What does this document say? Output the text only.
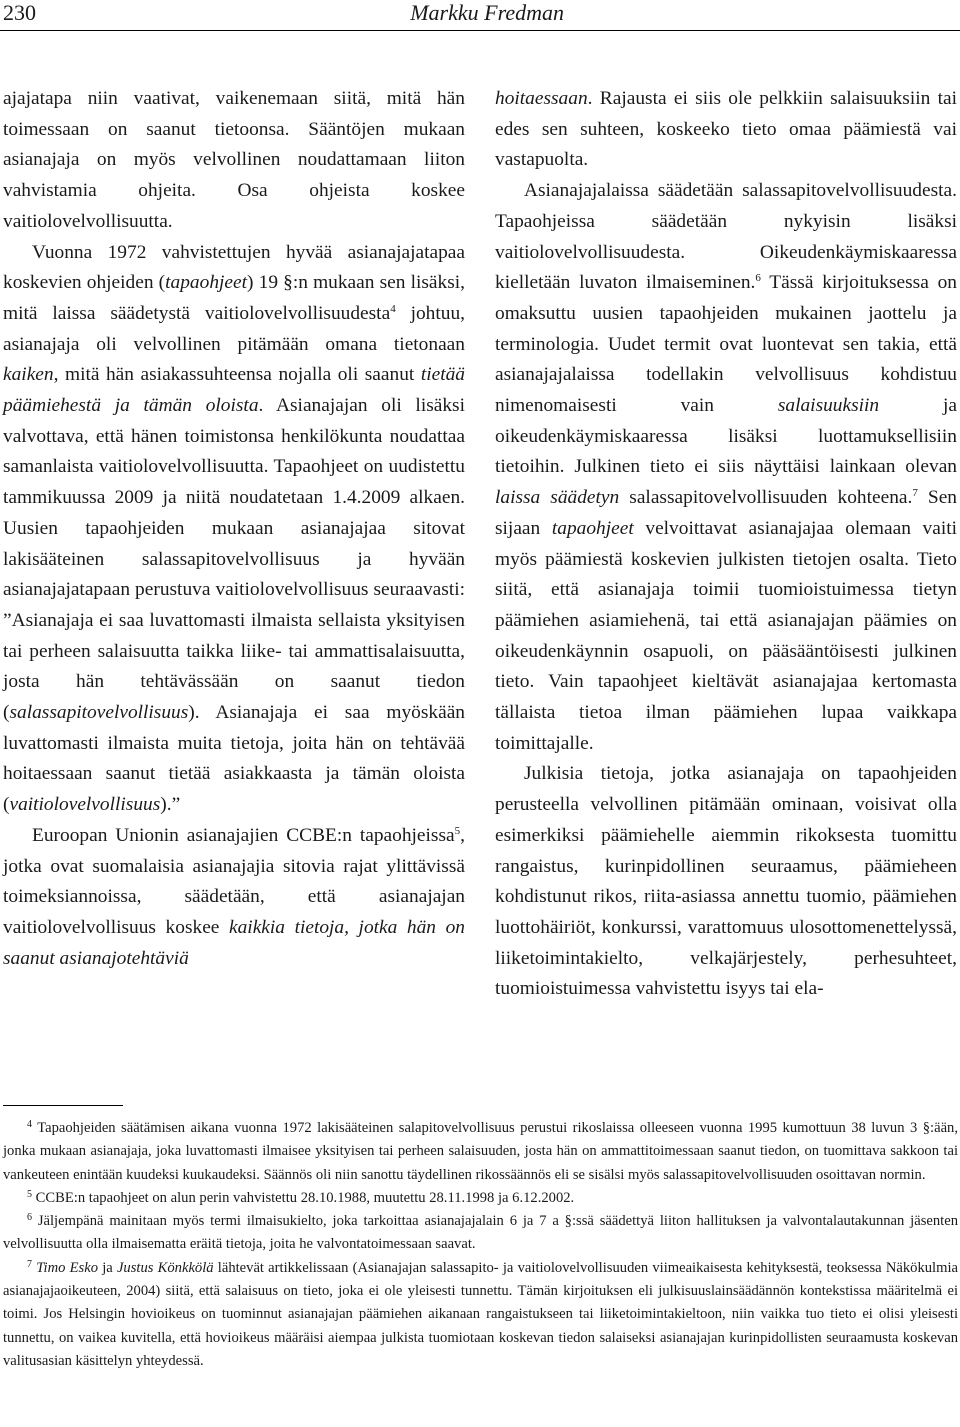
230	Markku Fredman

ajajatapa niin vaativat, vaikenemaan siitä, mitä hän toimessaan on saanut tietoonsa. Sääntöjen mukaan asianajaja on myös velvollinen noudattamaan liiton vahvistamia ohjeita. Osa ohjeista koskee vaitiolovelvollisuutta.

Vuonna 1972 vahvistettujen hyvää asianajajatapaa koskevien ohjeiden (tapaohjeet) 19 §:n mukaan sen lisäksi, mitä laissa säädetystä vaitiolovelvollisuudesta$^4$ johtuu, asianajaja oli velvollinen pitämään omana tietonaan kaiken, mitä hän asiakassuhteensa nojalla oli saanut tietää päämiehestä ja tämän oloista. Asianajajan oli lisäksi valvottava, että hänen toimistonsa henkilökunta noudattaa samanlaista vaitiolovelvollisuutta. Tapaohjeet on uudistettu tammikuussa 2009 ja niitä noudatetaan 1.4.2009 alkaen. Uusien tapaohjeiden mukaan asianajajaa sitovat lakisääteinen salassapitovelvollisuus ja hyvään asianajajatapaan perustuva vaitiolovelvollisuus seuraavasti: ”Asianajaja ei saa luvattomasti ilmaista sellaista yksityisen tai perheen salaisuutta taikka liike- tai ammattisalaisuutta, josta hän tehtävässään on saanut tiedon (salassapitovelvollisuus). Asianajaja ei saa myöskään luvattomasti ilmaista muita tietoja, joita hän on tehtävää hoitaessaan saanut tietää asiakkaasta ja tämän oloista (vaitiolovelvollisuus).”

Euroopan Unionin asianajajien CCBE:n tapaohjeissa$^5$, jotka ovat suomalaisia asianajajia sitovia rajat ylittävissä toimeksiannoissa, säädetään, että asianajajan vaitiolovelvollisuus koskee kaikkia tietoja, jotka hän on saanut asianajotehtäviä

hoitaessaan. Rajausta ei siis ole pelkkiin salaisuuksiin tai edes sen suhteen, koskeeko tieto omaa päämiestä vai vastapuolta.

Asianajajalaissa säädetään salassapitovelvollisuudesta. Tapaohjeissa säädetään nykyisin lisäksi vaitiolovelvollisuudesta. Oikeudenkäymiskaaressa kielletään luvaton ilmaiseminen.$^6$ Tässä kirjoituksessa on omaksuttu uusien tapaohjeiden mukainen jaottelu ja terminologia. Uudet termit ovat luontevat sen takia, että asianajajalaissa todellakin velvollisuus kohdistuu nimenomaisesti vain salaisuuksiin ja oikeudenkäymiskaaressa lisäksi luottamuksellisiin tietoihin. Julkinen tieto ei siis näyttäisi lainkaan olevan laissa säädetyn salassapitovelvollisuuden kohteena.$^7$ Sen sijaan tapaohjeet velvoittavat asianajajaa olemaan vaiti myös päämiestä koskevien julkisten tietojen osalta. Tieto siitä, että asianajaja toimii tuomioistuimessa tietyn päämiehen asiamiehenä, tai että asianajajan päämies on oikeudenkäynnin osapuoli, on pääsääntöisesti julkinen tieto. Vain tapaohjeet kieltävät asianajajaa kertomasta tällaista tietoa ilman päämiehen lupaa vaikkapa toimittajalle.

Julkisia tietoja, jotka asianajaja on tapaohjeiden perusteella velvollinen pitämään ominaan, voisivat olla esimerkiksi päämiehelle aiemmin rikoksesta tuomittu rangaistus, kurinpidollinen seuraamus, päämieheen kohdistunut rikos, riita-asiassa annettu tuomio, päämiehen luottohäiriöt, konkurssi, varattomuus ulosottomenettelyssä, liiketoimintakielto, velkajärjestely, perhesuhteet, tuomioistuimessa vahvistettu isyys tai ela-

$^4$ Tapaohjeiden säätämisen aikana vuonna 1972 lakisääteinen salapitovelvollisuus perustui rikoslaissa olleeseen vuonna 1995 kumottuun 38 luvun 3 §:ään, jonka mukaan asianajaja, joka luvattomasti ilmaisee yksityisen tai perheen salaisuuden, josta hän on ammattitoimessaan saanut tiedon, on tuomittava sakkoon tai vankeuteen enintään kuudeksi kuukaudeksi. Säännös oli niin sanottu täydellinen rikossäännös eli se sisälsi myös salassapitovelvollisuuden osoittavan normin.

$^5$ CCBE:n tapaohjeet on alun perin vahvistettu 28.10.1988, muutettu 28.11.1998 ja 6.12.2002.

$^6$ Jäljempänä mainitaan myös termi ilmaisukielto, joka tarkoittaa asianajajalain 6 ja 7 a §:ssä säädettyä liiton hallituksen ja valvontalautakunnan jäsenten velvollisuutta olla ilmaisematta eräitä tietoja, joita he valvontatoimessaan saavat.

$^7$ Timo Esko ja Justus Könkkölä lähtevät artikkelissaan (Asianajajan salassapito- ja vaitiolovelvollisuuden viimeaikaisesta kehityksestä, teoksessa Näkökulmia asianajajaoikeuteen, 2004) siitä, että salaisuus on tieto, joka ei ole yleisesti tunnettu. Tämän kirjoituksen eli julkisuuslainsäädännön kontekstissa määritelmä ei toimi. Jos Helsingin hovioikeus on tuominnut asianajajan päämiehen aikanaan rangaistukseen tai liiketoimintakieltoon, niin vaikka tuo tieto ei olisi yleisesti tunnettu, on vaikea kuvitella, että hovioikeus määräisi aiempaa julkista tuomiotaan koskevan tiedon salaiseksi asianajajan kurinpidollisten seuraamusta koskevan valitusasian käsittelyn yhteydessä.
